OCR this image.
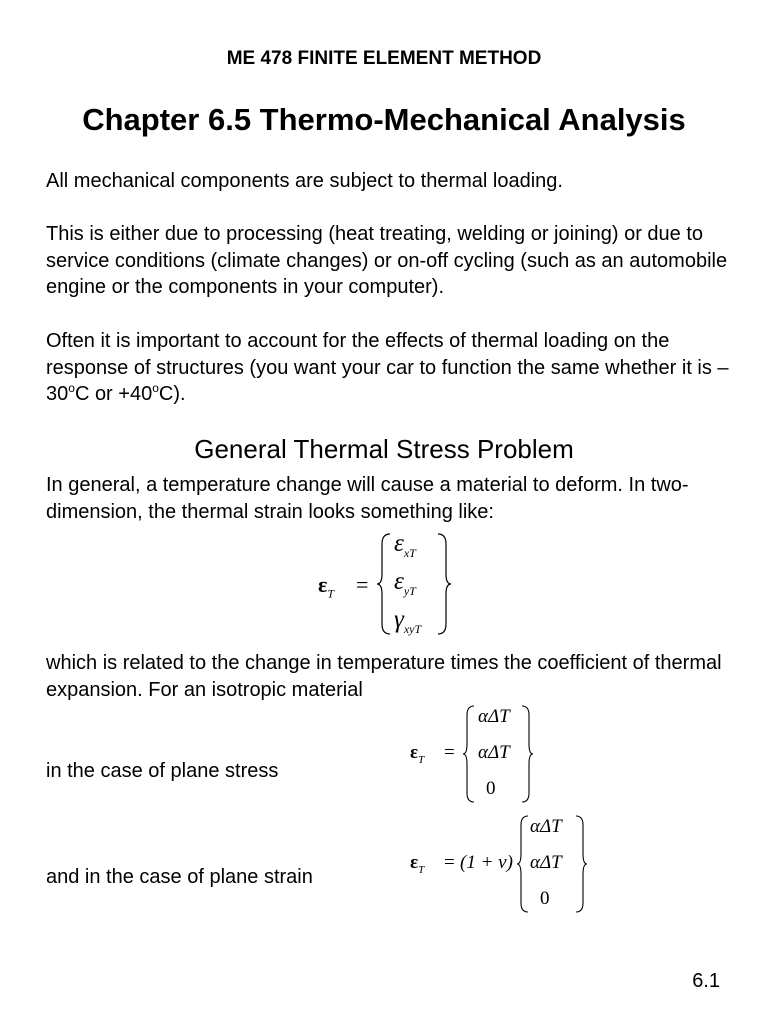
ME 478 FINITE ELEMENT METHOD
Chapter 6.5 Thermo-Mechanical Analysis
All mechanical components are subject to thermal loading.
This is either due to processing (heat treating, welding or joining) or due to service conditions (climate changes) or on-off cycling (such as an automobile engine or the components in your computer).
Often it is important to account for the effects of thermal loading on the response of structures (you want your car to function the same whether it is –30$^o$C or $+40^oC$).
General Thermal Stress Problem
In general, a temperature change will cause a material to deform. In two-dimension, the thermal strain looks something like:
$\varepsilon_T$ =
$\varepsilon_{xT}$
$\varepsilon_{yT}$
$\gamma_{xyT}$
which is related to the change in temperature times the coefficient of thermal expansion. For an isotropic material
in the case of plane stress
$\varepsilon_T$ =
αΔT
αΔT
0
and in the case of plane strain
$\varepsilon_T = (1 + \nu)$
αΔT
αΔT
0
6.1
